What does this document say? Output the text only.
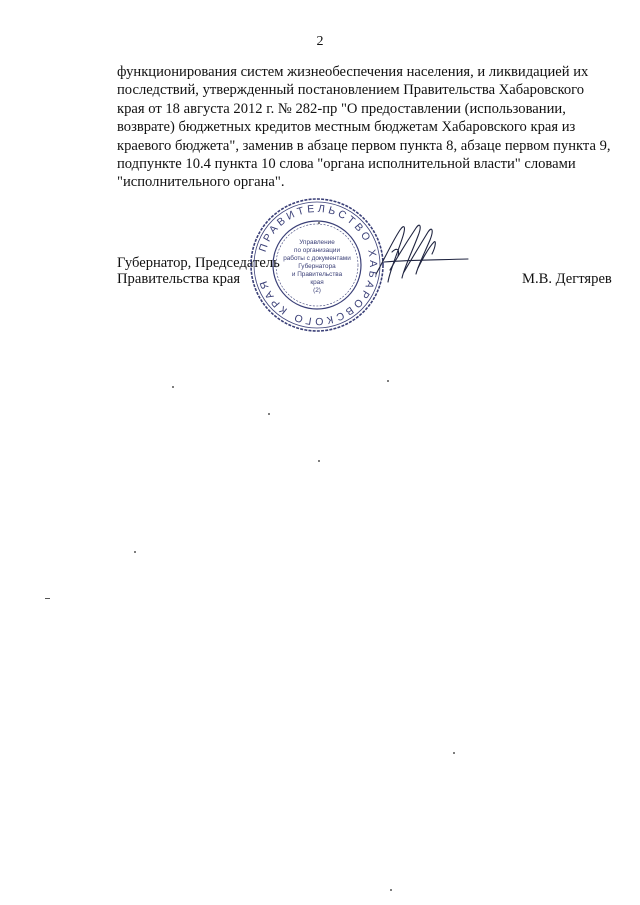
2
функционирования систем жизнеобеспечения населения, и ликвидацией их
последствий, утвержденный постановлением Правительства Хабаровского
края от 18 августа 2012 г. № 282-пр "О предоставлении (использовании,
возврате) бюджетных кредитов местным бюджетам Хабаровского края из
краевого бюджета", заменив в абзаце первом пункта 8, абзаце первом пункта 9,
подпункте 10.4 пункта 10 слова "органа исполнительной власти" словами
"исполнительного органа".
Губернатор, Председатель
Правительства края
ПРАВИТЕЛЬСТВО ХАБАРОВСКОГО КРАЯ
Управление
по организации
работы с документами
Губернатора
и Правительства
края
(2)
М.В. Дегтярев
